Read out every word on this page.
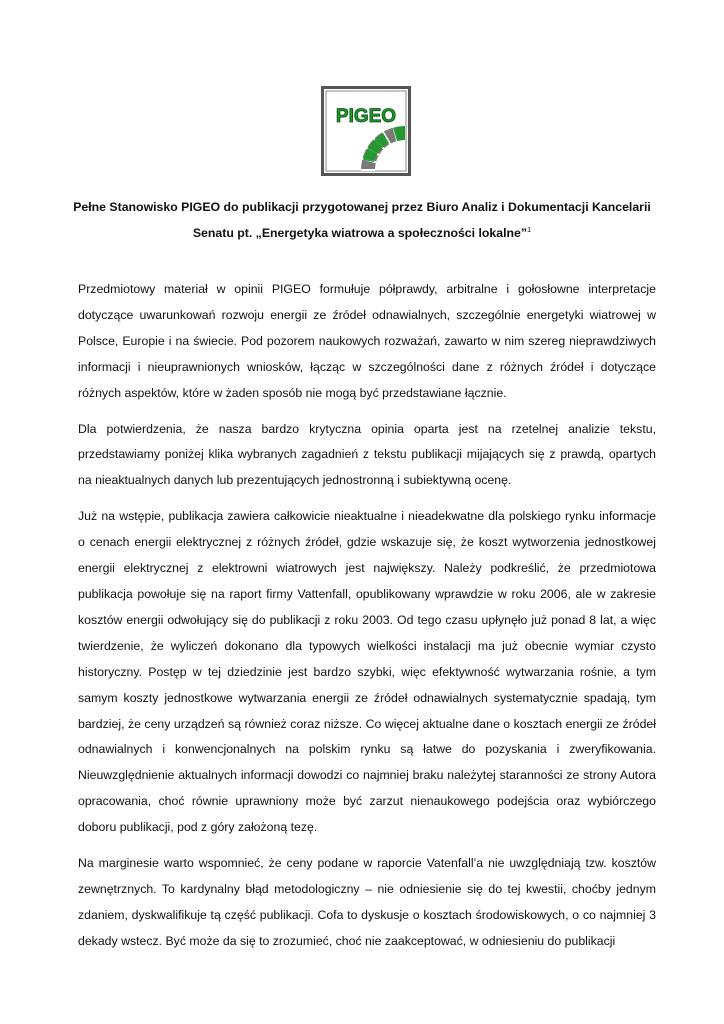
PIGEO
Pełne Stanowisko PIGEO do publikacji przygotowanej przez Biuro Analiz i Dokumentacji Kancelarii
Senatu pt. „Energetyka wiatrowa a społeczności lokalne”$^1$

Przedmiotowy materiał w opinii PIGEO formułuje półprawdy, arbitralne i gołosłowne interpretacje dotyczące uwarunkowań rozwoju energii ze źródeł odnawialnych, szczególnie energetyki wiatrowej w Polsce, Europie i na świecie. Pod pozorem naukowych rozważań, zawarto w nim szereg nieprawdziwych informacji i nieuprawnionych wniosków, łącząc w szczególności dane z różnych źródeł i dotyczące różnych aspektów, które w żaden sposób nie mogą być przedstawiane łącznie.

Dla potwierdzenia, że nasza bardzo krytyczna opinia oparta jest na rzetelnej analizie tekstu, przedstawiamy poniżej klika wybranych zagadnień z tekstu publikacji mijających się z prawdą, opartych na nieaktualnych danych lub prezentujących jednostronną i subiektywną ocenę.

Już na wstępie, publikacja zawiera całkowicie nieaktualne i nieadekwatne dla polskiego rynku informacje o cenach energii elektrycznej z różnych źródeł, gdzie wskazuje się, że koszt wytworzenia jednostkowej energii elektrycznej z elektrowni wiatrowych jest największy. Należy podkreślić, że przedmiotowa publikacja powołuje się na raport firmy Vattenfall, opublikowany wprawdzie w roku 2006, ale w zakresie kosztów energii odwołujący się do publikacji z roku 2003. Od tego czasu upłynęło już ponad 8 lat, a więc twierdzenie, że wyliczeń dokonano dla typowych wielkości instalacji ma już obecnie wymiar czysto historyczny. Postęp w tej dziedzinie jest bardzo szybki, więc efektywność wytwarzania rośnie, a tym samym koszty jednostkowe wytwarzania energii ze źródeł odnawialnych systematycznie spadają, tym bardziej, że ceny urządzeń są również coraz niższe. Co więcej aktualne dane o kosztach energii ze źródeł odnawialnych i konwencjonalnych na polskim rynku są łatwe do pozyskania i zweryfikowania. Nieuwzględnienie aktualnych informacji dowodzi co najmniej braku należytej staranności ze strony Autora opracowania, choć równie uprawniony może być zarzut nienaukowego podejścia oraz wybiórczego doboru publikacji, pod z góry założoną tezę.

Na marginesie warto wspomnieć, że ceny podane w raporcie Vatenfall’a nie uwzględniają tzw. kosztów zewnętrznych. To kardynalny błąd metodologiczny – nie odniesienie się do tej kwestii, choćby jednym zdaniem, dyskwalifikuje tą część publikacji. Cofa to dyskusje o kosztach środowiskowych, o co najmniej 3 dekady wstecz. Być może da się to zrozumieć, choć nie zaakceptować, w odniesieniu do publikacji
